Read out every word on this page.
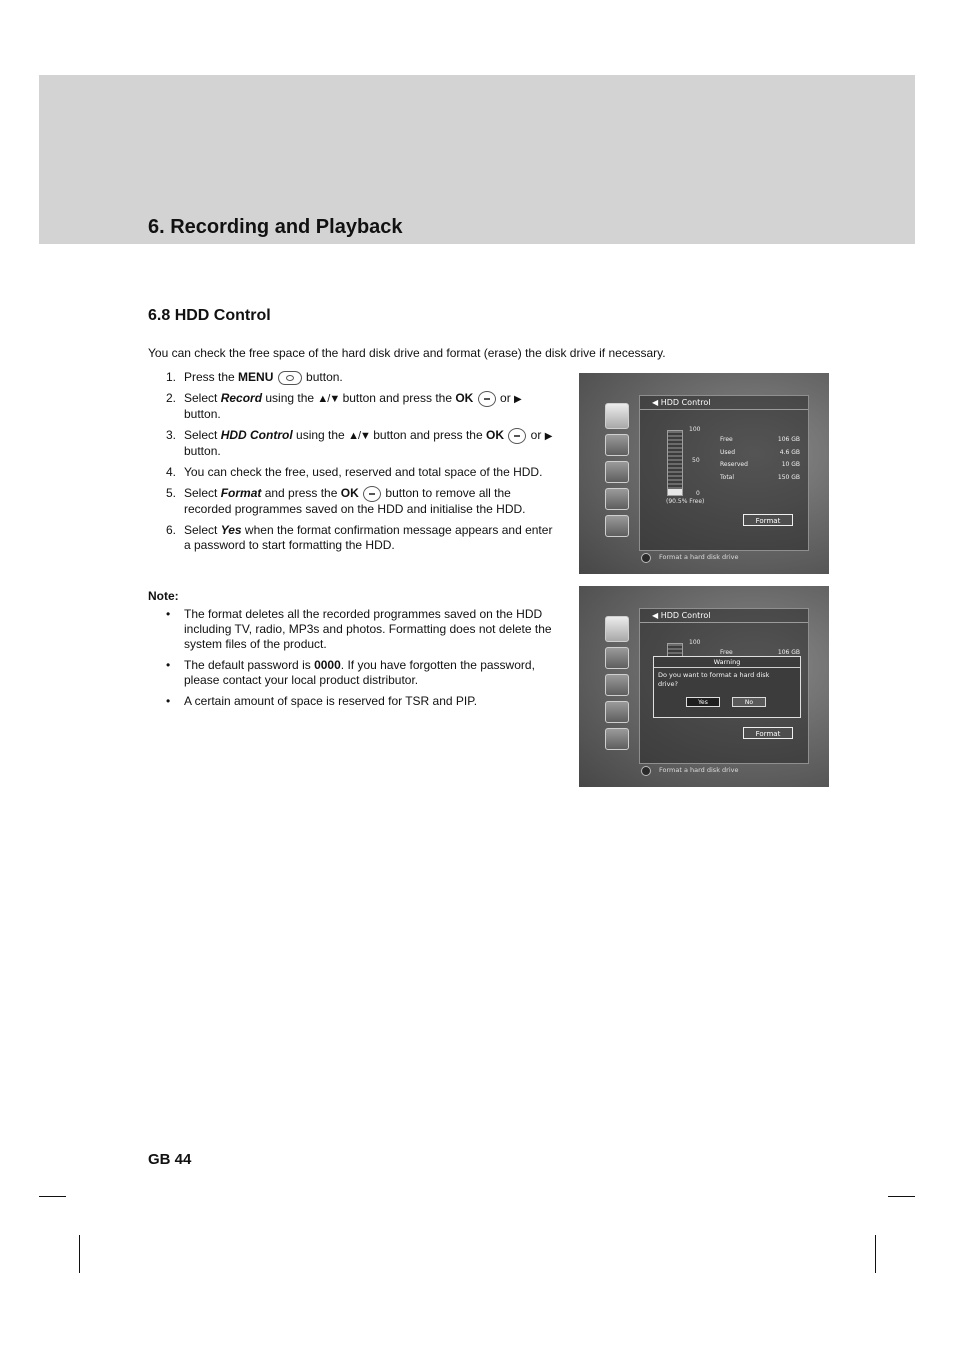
6. Recording and Playback
6.8 HDD Control

You can check the free space of the hard disk drive and format (erase) the disk drive if necessary.

1. Press the MENU  button.
2. Select Record using the ▲/▼ button and press the OK  or ▶ button.
3. Select HDD Control using the ▲/▼ button and press the OK  or ▶ button.
4. You can check the free, used, reserved and total space of the HDD.
5. Select Format and press the OK  button to remove all the recorded programmes saved on the HDD and initialise the HDD.
6. Select Yes when the format confirmation message appears and enter a password to start formatting the HDD.

Note:

• The format deletes all the recorded programmes saved on the HDD including TV, radio, MP3s and photos. Formatting does not delete the system files of the product.
• The default password is 0000. If you have forgotten the password, please contact your local product distributor.
• A certain amount of space is reserved for TSR and PIP.

GB 44

◀ HDD Control
100
50
0
(90.5% Free)
Free	106 GB
Used	4.6 GB
Reserved	10 GB
Total	150 GB
Format
Format a hard disk drive
◀ HDD Control
100
Free	106 GB
Format
Warning
Do you want to format a hard disk drive?
Yes	No
Format a hard disk drive
